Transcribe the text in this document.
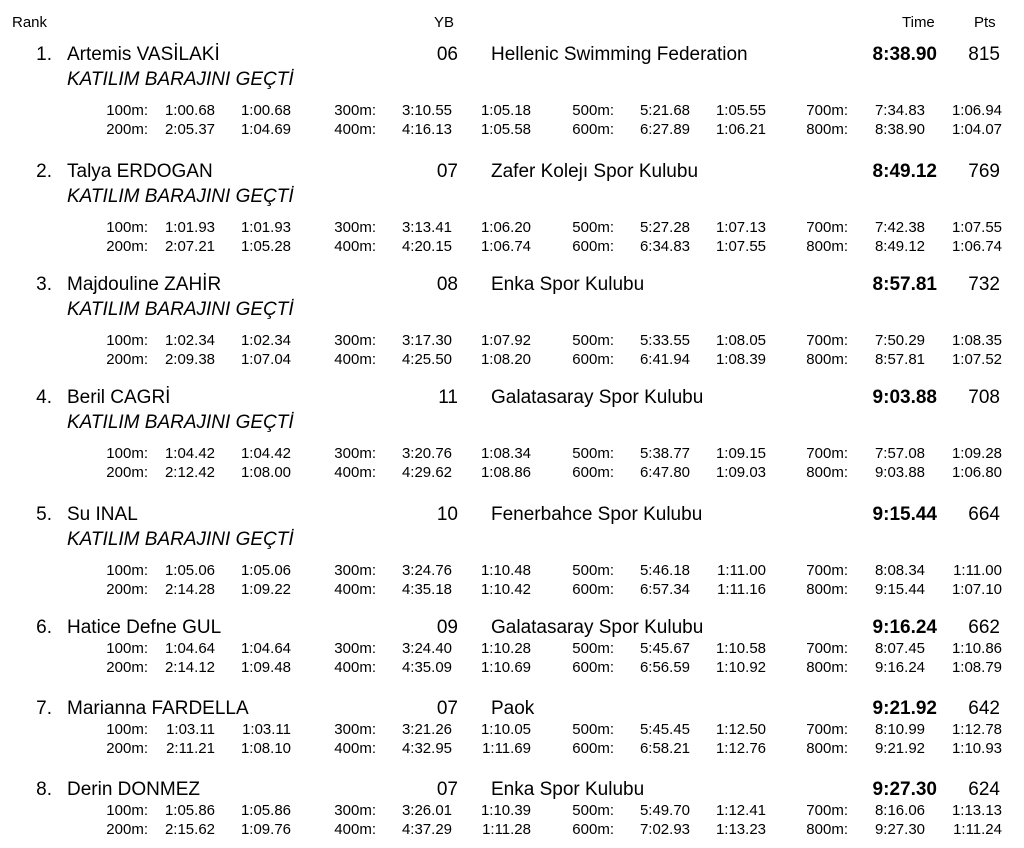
Rank	YB	Time	Pts
1. Artemis VASİLAKİ	06 Hellenic Swimming Federation	8:38.90	815
KATILIM BARAJINI GEÇTİ
100m:	1:00.68	1:00.68	300m:	3:10.55	1:05.18	500m:	5:21.68	1:05.55	700m:	7:34.83	1:06.94
200m:	2:05.37	1:04.69	400m:	4:16.13	1:05.58	600m:	6:27.89	1:06.21	800m:	8:38.90	1:04.07
2. Talya ERDOGAN	07 Zafer Kolejı Spor Kulubu	8:49.12	769
KATILIM BARAJINI GEÇTİ
100m:	1:01.93	1:01.93	300m:	3:13.41	1:06.20	500m:	5:27.28	1:07.13	700m:	7:42.38	1:07.55
200m:	2:07.21	1:05.28	400m:	4:20.15	1:06.74	600m:	6:34.83	1:07.55	800m:	8:49.12	1:06.74
3. Majdouline ZAHİR	08 Enka Spor Kulubu	8:57.81	732
KATILIM BARAJINI GEÇTİ
100m:	1:02.34	1:02.34	300m:	3:17.30	1:07.92	500m:	5:33.55	1:08.05	700m:	7:50.29	1:08.35
200m:	2:09.38	1:07.04	400m:	4:25.50	1:08.20	600m:	6:41.94	1:08.39	800m:	8:57.81	1:07.52
4. Beril CAGRİ	11 Galatasaray Spor Kulubu	9:03.88	708
KATILIM BARAJINI GEÇTİ
100m:	1:04.42	1:04.42	300m:	3:20.76	1:08.34	500m:	5:38.77	1:09.15	700m:	7:57.08	1:09.28
200m:	2:12.42	1:08.00	400m:	4:29.62	1:08.86	600m:	6:47.80	1:09.03	800m:	9:03.88	1:06.80
5. Su INAL	10 Fenerbahce Spor Kulubu	9:15.44	664
KATILIM BARAJINI GEÇTİ
100m:	1:05.06	1:05.06	300m:	3:24.76	1:10.48	500m:	5:46.18	1:11.00	700m:	8:08.34	1:11.00
200m:	2:14.28	1:09.22	400m:	4:35.18	1:10.42	600m:	6:57.34	1:11.16	800m:	9:15.44	1:07.10
6. Hatice Defne GUL	09 Galatasaray Spor Kulubu	9:16.24	662
100m:	1:04.64	1:04.64	300m:	3:24.40	1:10.28	500m:	5:45.67	1:10.58	700m:	8:07.45	1:10.86
200m:	2:14.12	1:09.48	400m:	4:35.09	1:10.69	600m:	6:56.59	1:10.92	800m:	9:16.24	1:08.79
7. Marianna FARDELLA	07 Paok	9:21.92	642
100m:	1:03.11	1:03.11	300m:	3:21.26	1:10.05	500m:	5:45.45	1:12.50	700m:	8:10.99	1:12.78
200m:	2:11.21	1:08.10	400m:	4:32.95	1:11.69	600m:	6:58.21	1:12.76	800m:	9:21.92	1:10.93
8. Derin DONMEZ	07 Enka Spor Kulubu	9:27.30	624
100m:	1:05.86	1:05.86	300m:	3:26.01	1:10.39	500m:	5:49.70	1:12.41	700m:	8:16.06	1:13.13
200m:	2:15.62	1:09.76	400m:	4:37.29	1:11.28	600m:	7:02.93	1:13.23	800m:	9:27.30	1:11.24
